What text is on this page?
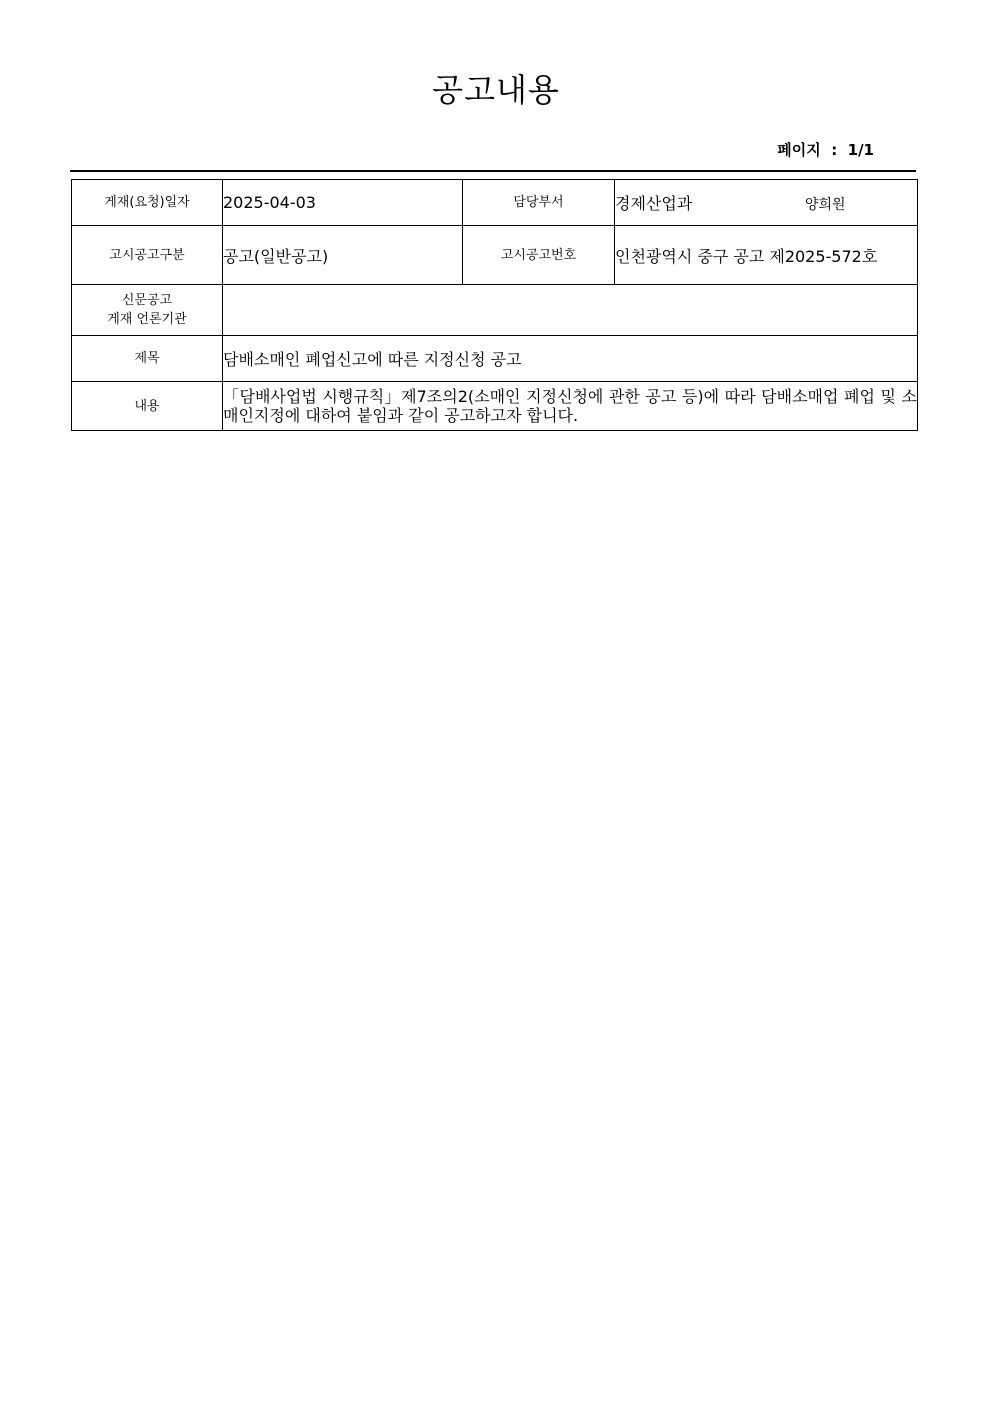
공고내용
페이지  :  1/1
게재(요청)일자	2025-04-03	담당부서	경제산업과 양희원
고시공고구분	공고(일반공고)	고시공고번호	인천광역시 중구 공고 제2025-572호

신문공고
게재 언론기관			

제목	담배소매인 폐업신고에 따른 지정신청 공고		
내용	「담배사업법 시행규칙」제7조의2(소매인 지정신청에 관한 공고 등)에 따라 담배소매업 폐업 및 소매인지정에 대하여 붙임과 같이 공고하고자 합니다.		
